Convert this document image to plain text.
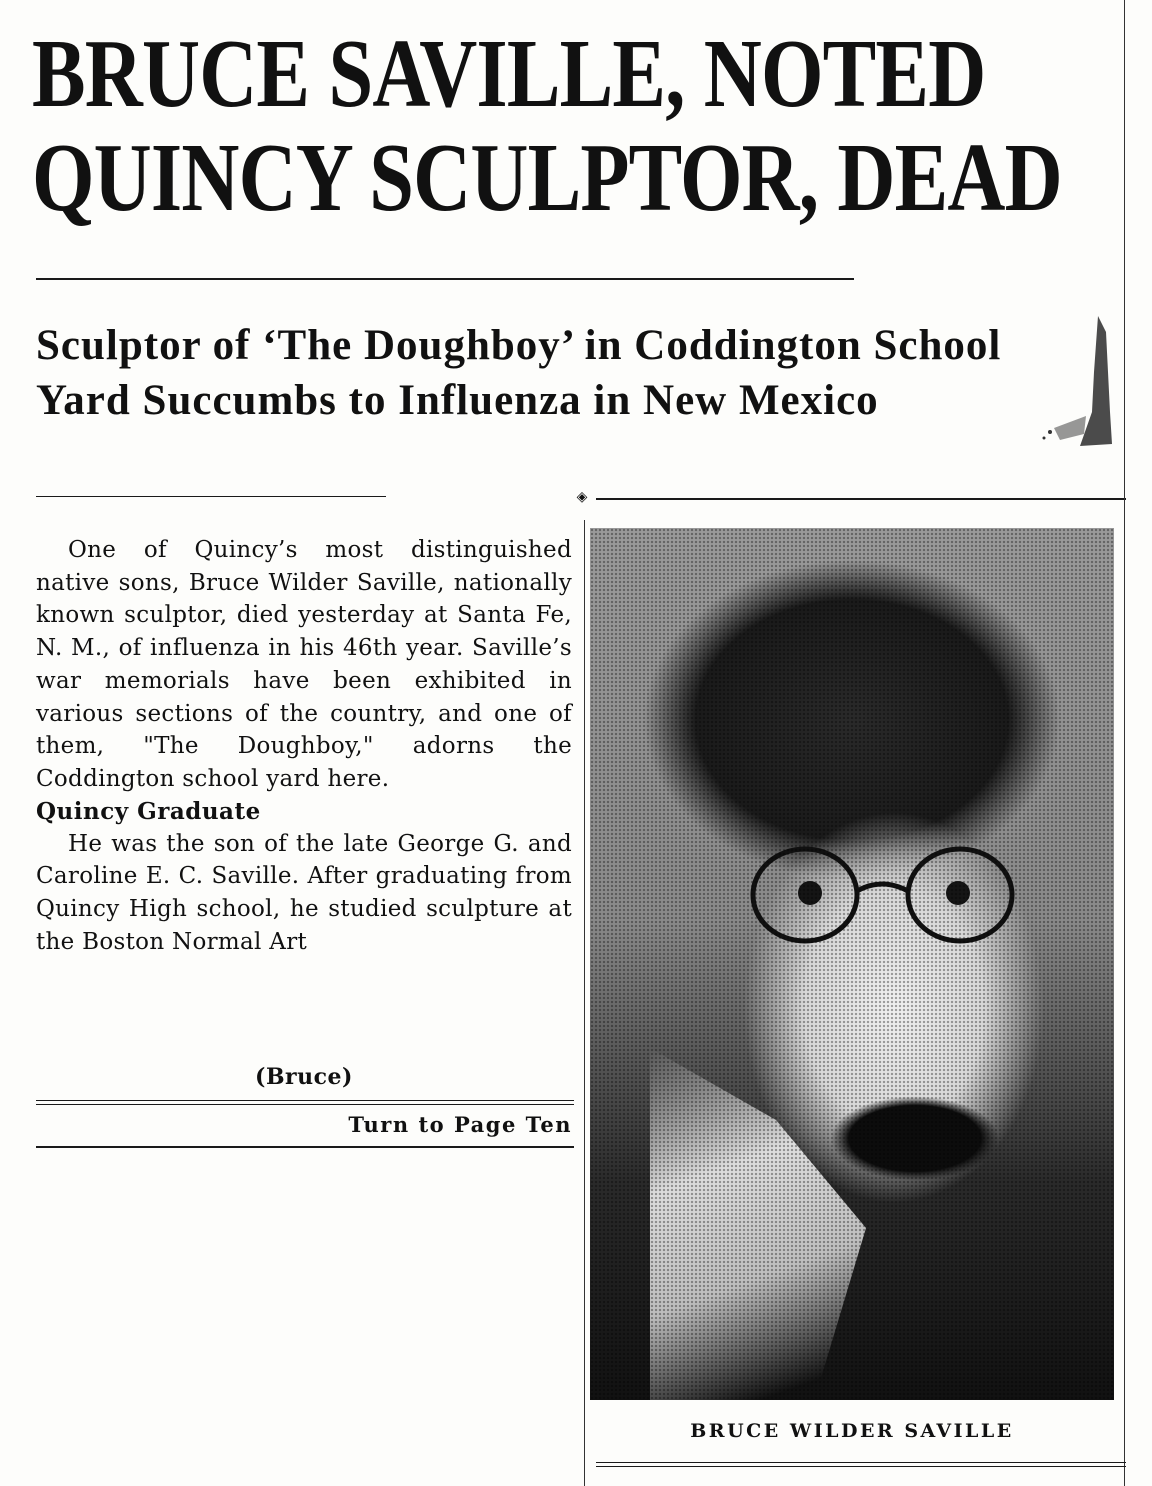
BRUCE SAVILLE, NOTED
QUINCY SCULPTOR, DEAD
Sculptor of ‘The Doughboy’ in Coddington School Yard Succumbs to Influenza in New Mexico
◈

One of Quincy’s most distinguished native sons, Bruce Wilder Saville, nationally known sculptor, died yesterday at Santa Fe, N. M., of influenza in his 46th year. Saville’s war memorials have been exhibited in various sections of the country, and one of them, "The Doughboy," adorns the Coddington school yard here.

Quincy Graduate

He was the son of the late George G. and Caroline E. C. Saville. After graduating from Quincy High school, he studied sculpture at the Boston Normal Art

(Bruce)
Turn to Page Ten
BRUCE WILDER SAVILLE
